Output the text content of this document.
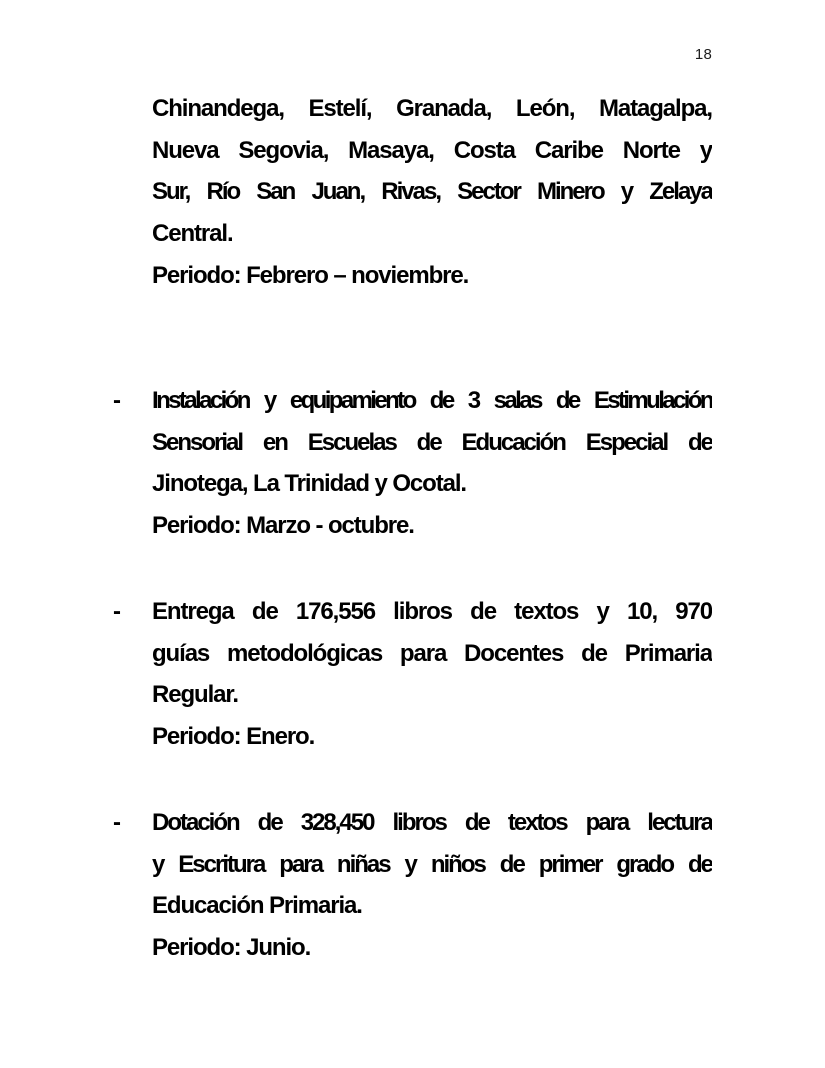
18
Chinandega, Estelí, Granada, León, Matagalpa,
Nueva Segovia, Masaya, Costa Caribe Norte y
Sur, Río San Juan, Rivas, Sector Minero y Zelaya
Central.
Periodo: Febrero – noviembre.
- Instalación y equipamiento de 3 salas de Estimulación
Sensorial en Escuelas de Educación Especial de
Jinotega, La Trinidad y Ocotal.
Periodo: Marzo - octubre.
- Entrega de 176,556 libros de textos y 10, 970
guías metodológicas para Docentes de Primaria
Regular.
Periodo: Enero.
- Dotación de 328,450 libros de textos para lectura
y Escritura para niñas y niños de primer grado de
Educación Primaria.
Periodo: Junio.
